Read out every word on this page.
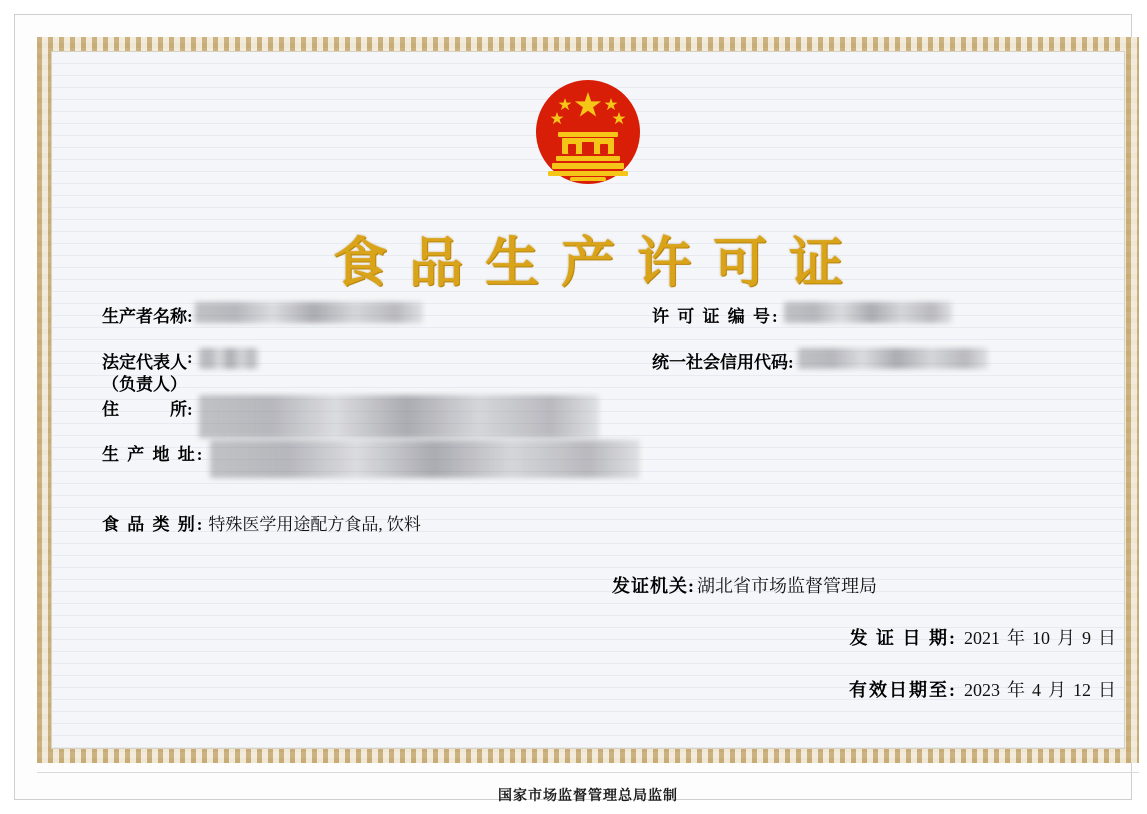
食品生产许可证
生产者名称:
法定代表人 :
（负责人）
住　　　所:
生 产 地 址:
食 品 类 别: 特殊医学用途配方食品, 饮料
许 可 证 编 号:
统一社会信用代码:
发证机关: 湖北省市场监督管理局
发 证 日 期: 2021 年 10 月 9 日
有效日期至: 2023 年 4 月 12 日
国家市场监督管理总局监制
